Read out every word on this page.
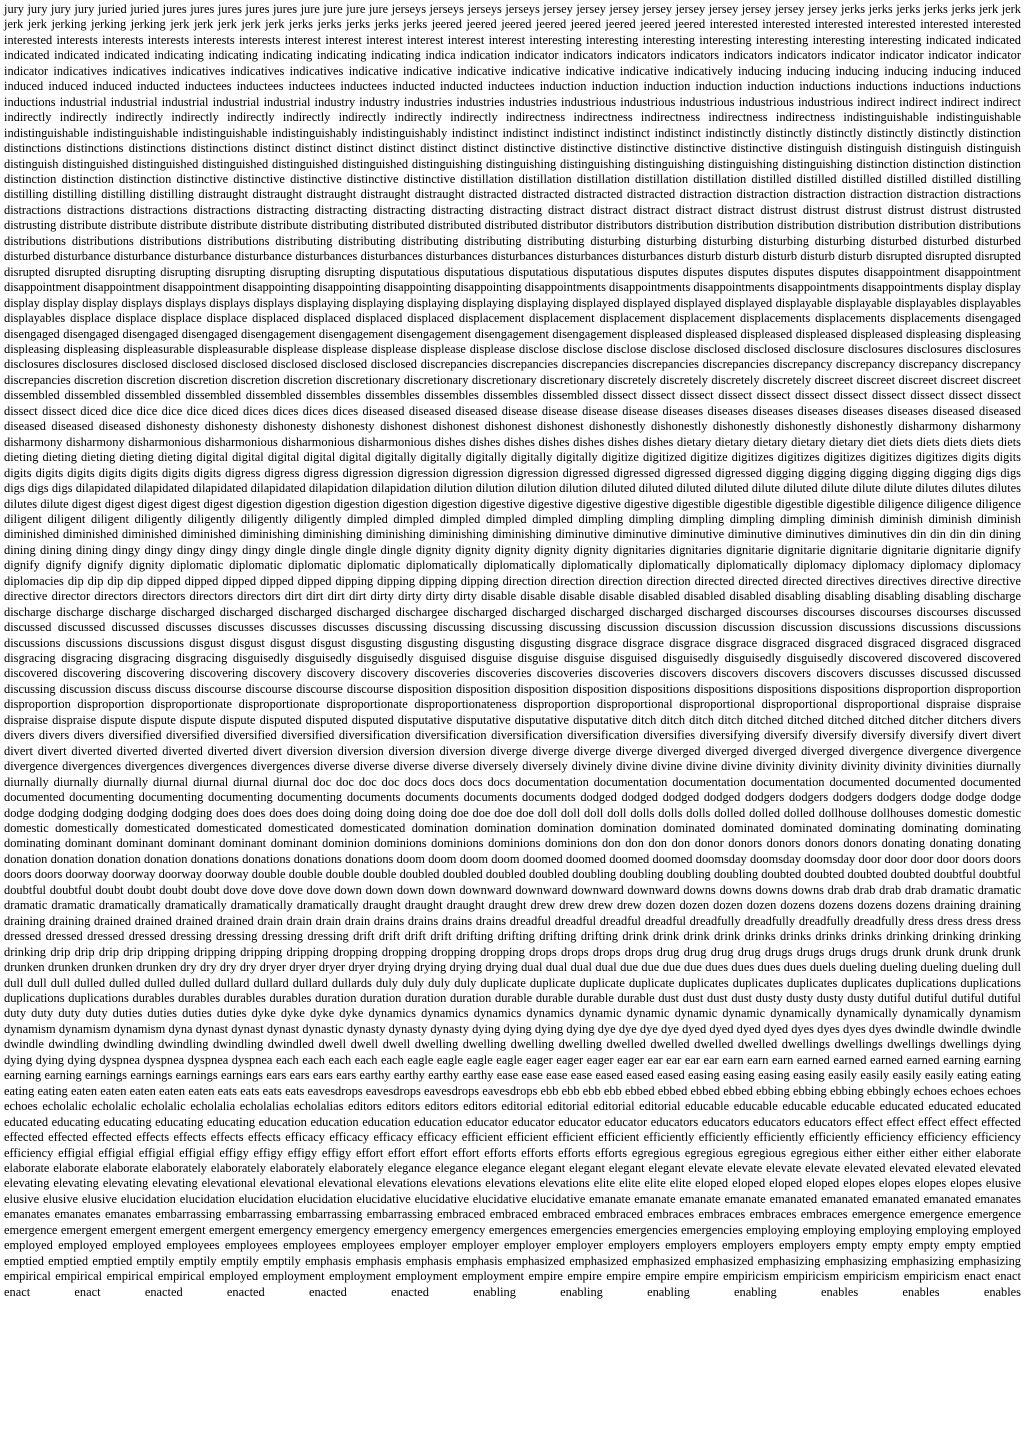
jury jury jury jury juried juried jures jures jures jures jures jure jure jure jure jerseys jerseys jerseys jerseys jersey jersey jersey jersey jersey jersey jersey jersey jersey jerks jerks jerks jerks jerks jerk jerk jerk jerk jerking jerking jerking jerk jerk jerk jerk jerk jerks jerks jerks jerks jerks jeered jeered jeered jeered jeered jeered jeered jeered interested interested interested interested interested interested interested interests interests interests interests interests interest interest interest interest interest interest interesting interesting interesting interesting interesting interesting interesting indicated indicated indicated indicated indicated indicating indicating indicating indicating indicating indica indication indicator indicators indicators indicators indicators indicators indicator indicator indicator indicator indicator indicatives indicatives indicatives indicatives indicatives indicative indicative indicative indicative indicative indicative indicatively inducing inducing inducing inducing inducing induced induced induced induced inducted inductees inductees inductees inductees inducted inducted inductees induction induction induction induction induction inductions inductions inductions inductions inductions industrial industrial industrial industrial industrial industry industry industries industries industries industrious industrious industrious industrious industrious indirect indirect indirect indirect indirectly indirectly indirectly indirectly indirectly indirectly indirectly indirectly indirectly indirectness indirectness indirectness indirectness indirectness indistinguishable indistinguishable indistinguishable indistinguishable indistinguishable indistinguishably indistinguishably indistinct indistinct indistinct indistinct indistinct indistinctly distinctly distinctly distinctly distinctly distinction distinctions distinctions distinctions distinctions distinct distinct distinct distinct distinct distinct distinctive distinctive distinctive distinctive distinctive distinguish distinguish distinguish distinguish distinguish distinguished distinguished distinguished distinguished distinguished distinguishing distinguishing distinguishing distinguishing distinguishing distinguishing distinction distinction distinction distinction distinction distinction distinctive distinctive distinctive distinctive distinctive distillation distillation distillation distillation distillation distilled distilled distilled distilled distilled distilling distilling distilling distilling distilling distraught distraught distraught distraught distraught distracted distracted distracted distracted distraction distraction distraction distraction distraction distractions distractions distractions distractions distractions distracting distracting distracting distracting distracting distract distract distract distract distract distrust distrust distrust distrust distrust distrusted distrusting distribute distribute distribute distribute distribute distributing distributed distributed distributed distributor distributors distribution distribution distribution distribution distribution distributions distributions distributions distributions distributions distributing distributing distributing distributing distributing disturbing disturbing disturbing disturbing disturbing disturbed disturbed disturbed disturbed disturbance disturbance disturbance disturbance disturbances disturbances disturbances disturbances disturbances disturbances disturb disturb disturb disturb disturb disrupted disrupted disrupted disrupted disrupted disrupting disrupting disrupting disrupting disrupting disputatious disputatious disputatious disputatious disputes disputes disputes disputes disputes disappointment disappointment disappointment disappointment disappointment disappointing disappointing disappointing disappointing disappointments disappointments disappointments disappointments disappointments display display display display display displays displays displays displays displaying displaying displaying displaying displaying displayed displayed displayed displayed displayable displayable displayables displayables displayables displace displace displace displace displaced displaced displaced displaced displacement displacement displacement displacement displacements displacements displacements disengaged disengaged disengaged disengaged disengaged disengagement disengagement disengagement disengagement disengagement displeased displeased displeased displeased displeased displeasing displeasing displeasing displeasing displeasurable displeasurable displease displease displease displease displease disclose disclose disclose disclose disclosed disclosed disclosure disclosures disclosures disclosures disclosures disclosures disclosed disclosed disclosed disclosed disclosed disclosed discrepancies discrepancies discrepancies discrepancies discrepancies discrepancy discrepancy discrepancy discrepancy discrepancies discretion discretion discretion discretion discretion discretionary discretionary discretionary discretionary discretely discretely discretely discretely discreet discreet discreet discreet discreet dissembled dissembled dissembled dissembled dissembled dissembles dissembles dissembles dissembles dissembled dissect dissect dissect dissect dissect dissect dissect dissect dissect dissect dissect dissect dissect diced dice dice dice dice diced dices dices dices dices diseased diseased diseased disease disease disease disease diseases diseases diseases diseases diseases diseases diseased diseased diseased diseased diseased dishonesty dishonesty dishonesty dishonesty dishonest dishonest dishonest dishonest dishonestly dishonestly dishonestly dishonestly dishonestly disharmony disharmony disharmony disharmony disharmonious disharmonious disharmonious disharmonious dishes dishes dishes dishes dishes dishes dishes dietary dietary dietary dietary dietary diet diets diets diets diets diets dieting dieting dieting dieting dieting digital digital digital digital digital digitally digitally digitally digitally digitally digitize digitized digitize digitizes digitizes digitizes digitizes digitizes digits digits digits digits digits digits digits digits digits digress digress digress digression digression digression digression digressed digressed digressed digressed digging digging digging digging digging digs digs digs digs digs dilapidated dilapidated dilapidated dilapidated dilapidation dilapidation dilution dilution dilution dilution diluted diluted diluted diluted dilute diluted dilute dilute dilute dilutes dilutes dilutes dilutes dilute digest digest digest digest digest digestion digestion digestion digestion digestion digestive digestive digestive digestive digestible digestible digestible digestible diligence diligence diligence diligent diligent diligent diligently diligently diligently diligently dimpled dimpled dimpled dimpled dimpled dimpling dimpling dimpling dimpling dimpling diminish diminish diminish diminish diminished diminished diminished diminished diminishing diminishing diminishing diminishing diminishing diminutive diminutive diminutive diminutive diminutives diminutives din din din din dining dining dining dining dingy dingy dingy dingy dingy dingle dingle dingle dingle dignity dignity dignity dignity dignity dignitaries dignitaries dignitarie dignitarie dignitarie dignitarie dignitarie dignify dignify dignify dignify dignity diplomatic diplomatic diplomatic diplomatic diplomatically diplomatically diplomatically diplomatically diplomatically diplomacy diplomacy diplomacy diplomacy diplomacies dip dip dip dip dipped dipped dipped dipped dipped dipping dipping dipping dipping direction direction direction direction directed directed directed directives directives directive directive directive director directors directors directors directors dirt dirt dirt dirt dirty dirty dirty dirty disable disable disable disable disabled disabled disabled disabling disabling disabling disabling discharge discharge discharge discharge discharged discharged discharged discharged dischargee discharged discharged discharged discharged discharged discourses discourses discourses discourses discussed discussed discussed discussed discusses discusses discusses discusses discussing discussing discussing discussing discussion discussion discussion discussion discussions discussions discussions discussions discussions discussions disgust disgust disgust disgust disgusting disgusting disgusting disgusting disgrace disgrace disgrace disgrace disgraced disgraced disgraced disgraced disgraced disgracing disgracing disgracing disgracing disguisedly disguisedly disguisedly disguised disguise disguise disguise disguised disguisedly disguisedly disguisedly discovered discovered discovered discovered discovering discovering discovering discovery discovery discovery discoveries discoveries discoveries discoveries discovers discovers discovers discovers discusses discussed discussed discussing discussion discuss discuss discourse discourse discourse discourse disposition disposition disposition disposition dispositions dispositions dispositions dispositions disproportion disproportion disproportion disproportion disproportionate disproportionate disproportionate disproportionateness disproportion disproportional disproportional disproportional disproportional dispraise dispraise dispraise dispraise dispute dispute dispute dispute disputed disputed disputed disputative disputative disputative disputative ditch ditch ditch ditch ditched ditched ditched ditched ditcher ditchers divers divers divers divers diversified diversified diversified diversified diversification diversification diversification diversification diversifies diversifying diversify diversify diversify diversify divert divert divert divert diverted diverted diverted diverted divert diversion diversion diversion diversion diverge diverge diverge diverge diverged diverged diverged diverged divergence divergence divergence divergence divergences divergences divergences divergences diverse diverse diverse diverse diversely diversely divinely divine divine divine divine divinity divinity divinity divinity divinities diurnally diurnally diurnally diurnally diurnal diurnal diurnal diurnal doc doc doc doc docs docs docs docs documentation documentation documentation documentation documented documented documented documented documenting documenting documenting documenting documents documents documents documents dodged dodged dodged dodged dodgers dodgers dodgers dodgers dodge dodge dodge dodge dodging dodging dodging dodging does does does does doing doing doing doing doe doe doe doe doll doll doll doll dolls dolls dolls dolled dolled dolled dollhouse dollhouses domestic domestic domestic domestically domesticated domesticated domesticated domesticated domination domination domination domination dominated dominated dominated dominating dominating dominating dominating dominant dominant dominant dominant dominant dominion dominions dominions dominions dominions don don don don donor donors donors donors donors donating donating donating donation donation donation donation donations donations donations donations doom doom doom doom doomed doomed doomed doomed doomsday doomsday doomsday door door door door doors doors doors doors doorway doorway doorway doorway double double double double doubled doubled doubled doubled doubling doubling doubling doubling doubted doubted doubted doubted doubtful doubtful doubtful doubtful doubt doubt doubt doubt dove dove dove dove down down down down downward downward downward downward downs downs downs downs drab drab drab drab dramatic dramatic dramatic dramatic dramatically dramatically dramatically dramatically draught draught draught draught drew drew drew drew dozen dozen dozen dozen dozens dozens dozens dozens draining draining draining draining drained drained drained drained drain drain drain drain drains drains drains drains dreadful dreadful dreadful dreadful dreadfully dreadfully dreadfully dreadfully dress dress dress dress dressed dressed dressed dressed dressing dressing dressing dressing drift drift drift drift drifting drifting drifting drifting drink drink drink drink drinks drinks drinks drinks drinking drinking drinking drinking drip drip drip drip dripping dripping dripping dripping dropping dropping dropping dropping drops drops drops drops drug drug drug drug drugs drugs drugs drugs drunk drunk drunk drunk drunken drunken drunken drunken dry dry dry dry dryer dryer dryer dryer drying drying drying drying dual dual dual dual due due due due dues dues dues dues duels dueling dueling dueling dueling dull dull dull dull dulled dulled dulled dulled dullard dullard dullard dullards duly duly duly duly duplicate duplicate duplicate duplicate duplicates duplicates duplicates duplicates duplications duplications duplications duplications durables durables durables durables duration duration duration duration durable durable durable durable dust dust dust dust dusty dusty dusty dusty dutiful dutiful dutiful dutiful duty duty duty duty duties duties duties duties dyke dyke dyke dyke dynamics dynamics dynamics dynamics dynamic dynamic dynamic dynamic dynamically dynamically dynamically dynamism dynamism dynamism dynamism dyna dynast dynast dynast dynastic dynasty dynasty dynasty dying dying dying dying dye dye dye dye dyed dyed dyed dyed dyes dyes dyes dyes dwindle dwindle dwindle dwindle dwindling dwindling dwindling dwindling dwindled dwell dwell dwell dwelling dwelling dwelling dwelling dwelled dwelled dwelled dwelled dwellings dwellings dwellings dwellings dying dying dying dying dyspnea dyspnea dyspnea dyspnea each each each each each eagle eagle eagle eagle eager eager eager eager ear ear ear ear earn earn earn earned earned earned earned earning earning earning earning earnings earnings earnings earnings ears ears ears ears earthy earthy earthy earthy ease ease ease ease eased eased eased easing easing easing easing easily easily easily easily eating eating eating eating eaten eaten eaten eaten eaten eats eats eats eats eavesdrops eavesdrops eavesdrops eavesdrops ebb ebb ebb ebb ebbed ebbed ebbed ebbed ebbing ebbing ebbing ebbingly echoes echoes echoes echoes echolalic echolalic echolalic echolalia echolalias echolalias editors editors editors editors editorial editorial editorial editorial educable educable educable educable educated educated educated educated educating educating educating educating education education education education educator educator educator educator educators educators educators educators effect effect effect effect effected effected effected effected effects effects effects effects efficacy efficacy efficacy efficacy efficient efficient efficient efficient efficiently efficiently efficiently efficiently efficiency efficiency efficiency efficiency effigial effigial effigial effigial effigy effigy effigy effigy effort effort effort effort efforts efforts efforts efforts egregious egregious egregious egregious either either either either elaborate elaborate elaborate elaborate elaborately elaborately elaborately elaborately elegance elegance elegance elegant elegant elegant elegant elevate elevate elevate elevate elevated elevated elevated elevated elevating elevating elevating elevating elevational elevational elevational elevations elevations elevations elevations elite elite elite elite eloped eloped eloped eloped elopes elopes elopes elopes elusive elusive elusive elusive elucidation elucidation elucidation elucidation elucidative elucidative elucidative elucidative emanate emanate emanate emanate emanated emanated emanated emanated emanates emanates emanates emanates embarrassing embarrassing embarrassing embarrassing embraced embraced embraced embraced embraces embraces embraces embraces emergence emergence emergence emergence emergent emergent emergent emergent emergency emergency emergency emergency emergences emergencies emergencies emergencies employing employing employing employing employed employed employed employed employees employees employees employees employer employer employer employer employers employers employers employers empty empty empty empty emptied emptied emptied emptied emptily emptily emptily emptily emphasis emphasis emphasis emphasis emphasized emphasized emphasized emphasized emphasizing emphasizing emphasizing emphasizing empirical empirical empirical empirical employed employment employment employment employment empire empire empire empire empire empiricism empiricism empiricism empiricism enact enact enact enact enacted enacted enacted enacted enabling enabling enabling enabling enables enables enables
